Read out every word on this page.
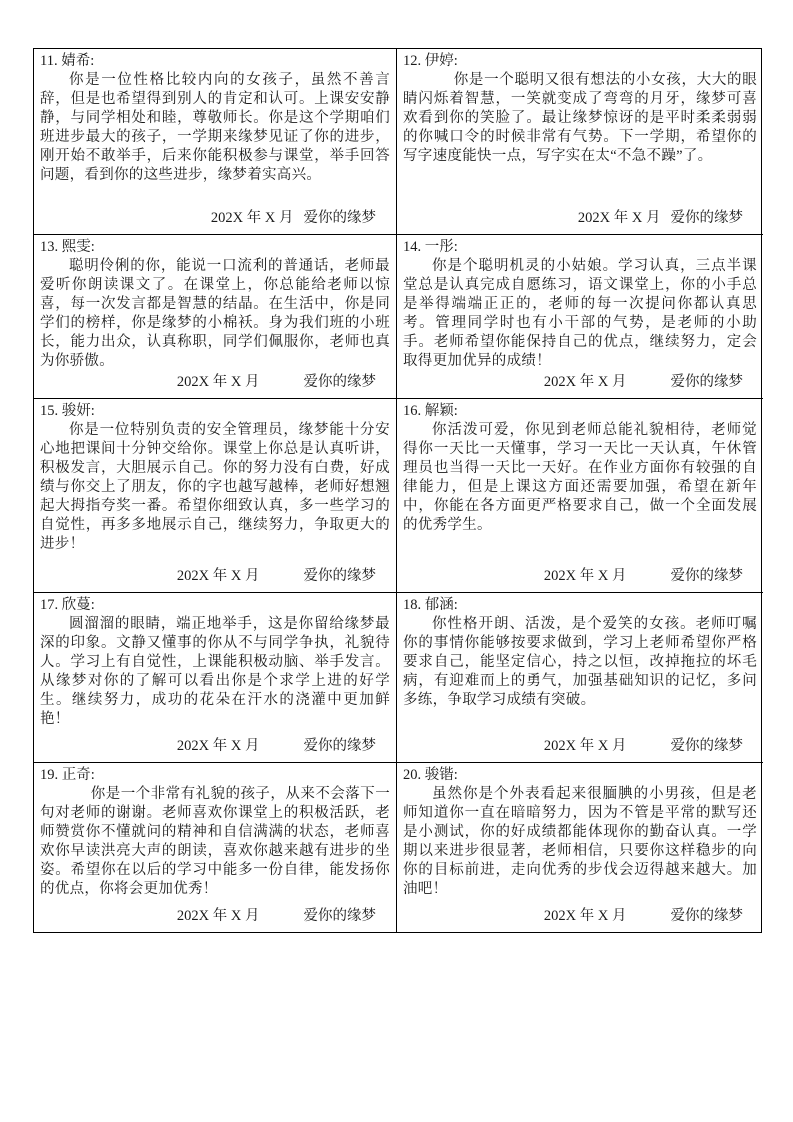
11. 婧希:

你是一位性格比较内向的女孩子，虽然不善言辞，但是也希望得到别人的肯定和认可。上课安安静静，与同学相处和睦，尊敬师长。你是这个学期咱们班进步最大的孩子，一学期来缘梦见证了你的进步，刚开始不敢举手，后来你能积极参与课堂，举手回答问题，看到你的这些进步，缘梦着实高兴。

202X 年 X 月 爱你的缘梦
12. 伊婷:

你是一个聪明又很有想法的小女孩，大大的眼睛闪烁着智慧，一笑就变成了弯弯的月牙，缘梦可喜欢看到你的笑脸了。最让缘梦惊讶的是平时柔柔弱弱的你喊口令的时候非常有气势。下一学期，希望你的写字速度能快一点，写字实在太“不急不躁”了。

202X 年 X 月 爱你的缘梦
13. 熙雯:

聪明伶俐的你，能说一口流利的普通话，老师最爱听你朗读课文了。在课堂上，你总能给老师以惊喜，每一次发言都是智慧的结晶。在生活中，你是同学们的榜样，你是缘梦的小棉袄。身为我们班的小班长，能力出众，认真称职，同学们佩服你，老师也真为你骄傲。

202X 年 X 月	爱你的缘梦
14. 一彤:

你是个聪明机灵的小姑娘。学习认真，三点半课堂总是认真完成自愿练习，语文课堂上，你的小手总是举得端端正正的，老师的每一次提问你都认真思考。管理同学时也有小干部的气势，是老师的小助手。老师希望你能保持自己的优点，继续努力，定会取得更加优异的成绩！

202X 年 X 月	爱你的缘梦
15. 骏妍:

你是一位特别负责的安全管理员，缘梦能十分安心地把课间十分钟交给你。课堂上你总是认真听讲，积极发言，大胆展示自己。你的努力没有白费，好成绩与你交上了朋友，你的字也越写越棒，老师好想翘起大拇指夸奖一番。希望你细致认真，多一些学习的自觉性，再多多地展示自己，继续努力，争取更大的进步！

202X 年 X 月	爱你的缘梦
16. 解颖:

你活泼可爱，你见到老师总能礼貌相待，老师觉得你一天比一天懂事，学习一天比一天认真，午休管理员也当得一天比一天好。在作业方面你有较强的自律能力，但是上课这方面还需要加强，希望在新年中，你能在各方面更严格要求自己，做一个全面发展的优秀学生。

202X 年 X 月	爱你的缘梦
17. 欣蔓:

圆溜溜的眼睛，端正地举手，这是你留给缘梦最深的印象。文静又懂事的你从不与同学争执，礼貌待人。学习上有自觉性，上课能积极动脑、举手发言。从缘梦对你的了解可以看出你是个求学上进的好学生。继续努力，成功的花朵在汗水的浇灌中更加鲜艳！

202X 年 X 月	爱你的缘梦
18. 郁涵:

你性格开朗、活泼，是个爱笑的女孩。老师叮嘱你的事情你能够按要求做到，学习上老师希望你严格要求自己，能坚定信心，持之以恒，改掉拖拉的坏毛病，有迎难而上的勇气，加强基础知识的记忆，多问多练，争取学习成绩有突破。

202X 年 X 月	爱你的缘梦
19. 正奇:

你是一个非常有礼貌的孩子，从来不会落下一句对老师的谢谢。老师喜欢你课堂上的积极活跃，老师赞赏你不懂就问的精神和自信满满的状态，老师喜欢你早读洪亮大声的朗读，喜欢你越来越有进步的坐姿。希望你在以后的学习中能多一份自律，能发扬你的优点，你将会更加优秀！

202X 年 X 月	爱你的缘梦
20. 骏锴:

虽然你是个外表看起来很腼腆的小男孩，但是老师知道你一直在暗暗努力，因为不管是平常的默写还是小测试，你的好成绩都能体现你的勤奋认真。一学期以来进步很显著，老师相信，只要你这样稳步的向你的目标前进，走向优秀的步伐会迈得越来越大。加油吧！

202X 年 X 月	爱你的缘梦
